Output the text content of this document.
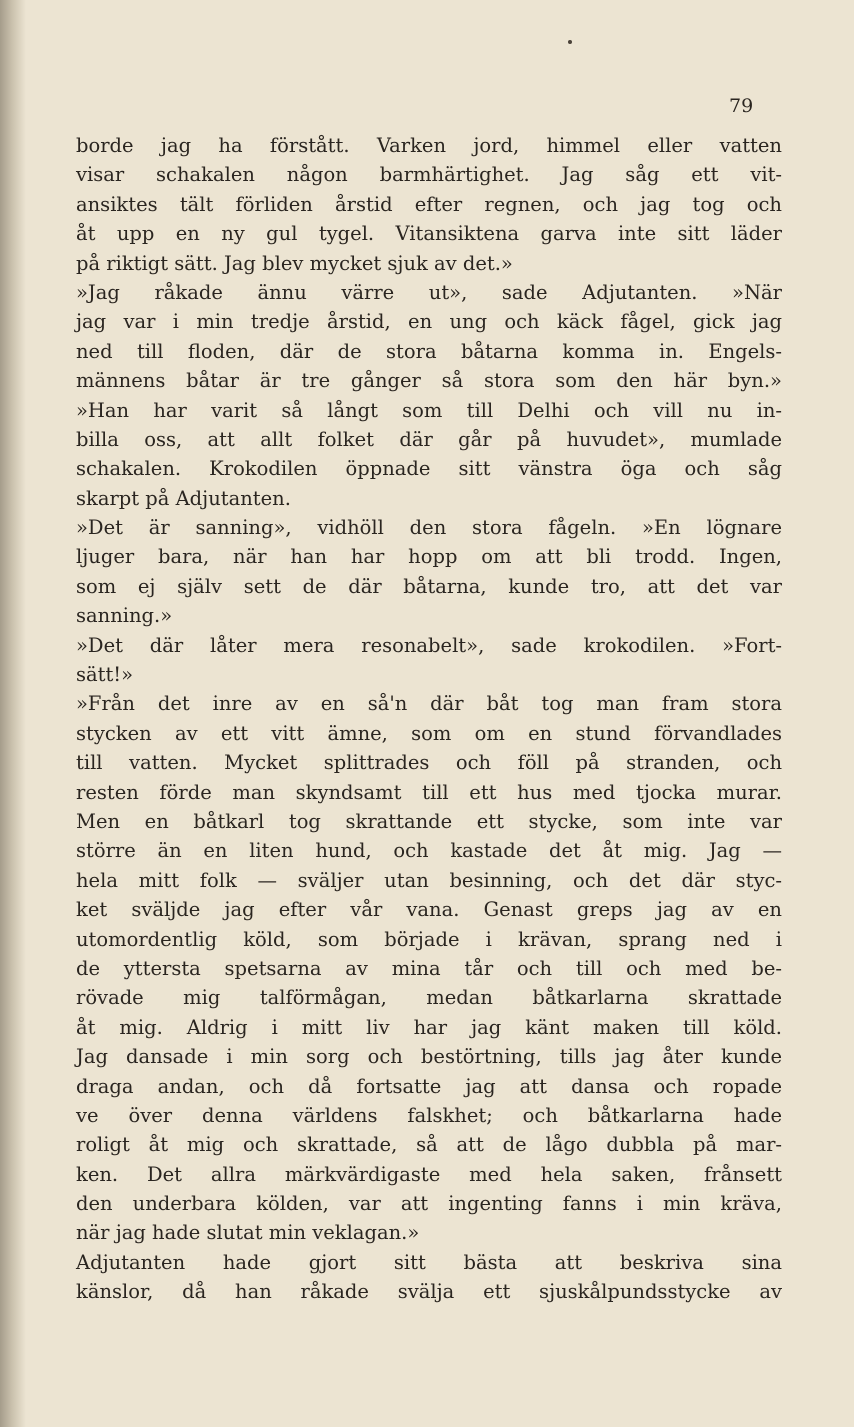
79

borde jag ha förstått. Varken jord, himmel eller vatten
visar schakalen någon barmhärtighet. Jag såg ett vit-
ansiktes tält förliden årstid efter regnen, och jag tog och
åt upp en ny gul tygel. Vitansiktena garva inte sitt läder
på riktigt sätt. Jag blev mycket sjuk av det.»
»Jag råkade ännu värre ut», sade Adjutanten. »När
jag var i min tredje årstid, en ung och käck fågel, gick jag
ned till floden, där de stora båtarna komma in. Engels-
männens båtar är tre gånger så stora som den här byn.»
»Han har varit så långt som till Delhi och vill nu in-
billa oss, att allt folket där går på huvudet», mumlade
schakalen. Krokodilen öppnade sitt vänstra öga och såg
skarpt på Adjutanten.
»Det är sanning», vidhöll den stora fågeln. »En lögnare
ljuger bara, när han har hopp om att bli trodd. Ingen,
som ej själv sett de där båtarna, kunde tro, att det var
sanning.»
»Det där låter mera resonabelt», sade krokodilen. »Fort-
sätt!»
»Från det inre av en så'n där båt tog man fram stora
stycken av ett vitt ämne, som om en stund förvandlades
till vatten. Mycket splittrades och föll på stranden, och
resten förde man skyndsamt till ett hus med tjocka murar.
Men en båtkarl tog skrattande ett stycke, som inte var
större än en liten hund, och kastade det åt mig. Jag —
hela mitt folk — sväljer utan besinning, och det där styc-
ket sväljde jag efter vår vana. Genast greps jag av en
utomordentlig köld, som började i krävan, sprang ned i
de yttersta spetsarna av mina tår och till och med be-
rövade mig talförmågan, medan båtkarlarna skrattade
åt mig. Aldrig i mitt liv har jag känt maken till köld.
Jag dansade i min sorg och bestörtning, tills jag åter kunde
draga andan, och då fortsatte jag att dansa och ropade
ve över denna världens falskhet; och båtkarlarna hade
roligt åt mig och skrattade, så att de lågo dubbla på mar-
ken. Det allra märkvärdigaste med hela saken, frånsett
den underbara kölden, var att ingenting fanns i min kräva,
när jag hade slutat min veklagan.»
Adjutanten hade gjort sitt bästa att beskriva sina
känslor, då han råkade svälja ett sjuskålpundsstycke av
